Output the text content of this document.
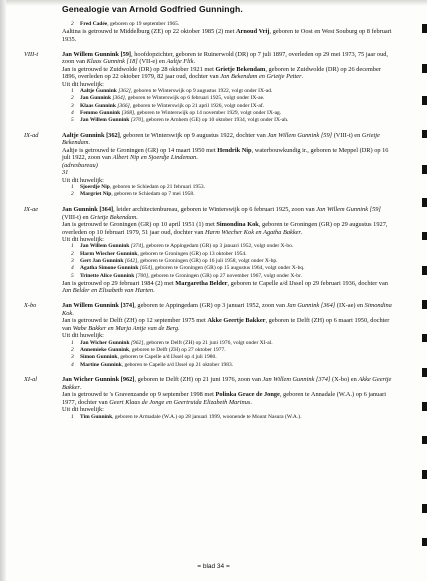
Genealogie van Arnold Godfried Gunningh.

2 Fred Cadée, geboren op 19 september 1965.

Aaltina is getrouwd te Middelburg (ZE) op 22 oktober 1985 (2) met Arnoud Vrij, geboren te Oost en West Souburg op 8 februari 1935.

VIII-t	Jan Willem Gunnink [59], hoofdopzichter, geboren te Ruinerwold (DR) op 7 juli 1897, overleden op 29 mei 1973, 75 jaar oud, zoon van Klaas Gunnink [18] (VII-e) en Aaltje Flik.

Jan is getrouwd te Zuidwolde (DR) op 28 oktober 1921 met Grietje Bekendam, geboren te Zuidwolde (DR) op 26 december 1896, overleden op 22 oktober 1979, 82 jaar oud, dochter van Jan Bekendam en Grietje Petter.

Uit dit huwelijk:

1 Aaltje Gunnink [362], geboren te Winterswijk op 9 augustus 1922, volgt onder IX-ad.

2 Jan Gunnink [364], geboren te Winterswijk op 6 februari 1925, volgt onder IX-ae.

3 Klaas Gunnink [366], geboren te Winterswijk op 21 april 1926, volgt onder IX-af.

4 Femmo Gunnink [368], geboren te Winterswijk op 14 november 1929, volgt onder IX-ag.

5 Jan Willem Gunnink [370], geboren te Arnhem (GE) op 10 oktober 1934, volgt onder IX-ah.

IX-ad	Aaltje Gunnink [362], geboren te Winterswijk op 9 augustus 1922, dochter van Jan Willem Gunnink [59] (VIII-t) en Grietje Bekendam.

Aaltje is getrouwd te Groningen (GR) op 14 maart 1950 met Hendrik Nip, waterbouwkundig ir., geboren te Meppel (DR) op 16 juli 1922, zoon van Albert Nip en Sjoerdje Lindeman.

(adresbureau)

31

Uit dit huwelijk:

1 Sjoerdje Nip, geboren te Schiedam op 21 februari 1953.

2 Margriet Nip, geboren te Schiedam op 7 mei 1958.

IX-ae	Jan Gunnink [364], leider architectenbureau, geboren te Winterswijk op 6 februari 1925, zoon van Jan Willem Gunnink [59] (VIII-t) en Grietje Bekendam.

Jan is getrouwd te Groningen (GR) op 10 april 1951 (1) met Simondina Kok, geboren te Groningen (GR) op 29 augustus 1927, overleden op 10 februari 1979, 51 jaar oud, dochter van Harm Wiecher Kok en Agatha Bakker.

Uit dit huwelijk:

1 Jan Willem Gunnink [374], geboren te Appingedam (GR) op 3 januari 1952, volgt onder X-bo.

2 Harm Wiecher Gunnink, geboren te Groningen (GR) op 13 oktober 1954.

3 Gert Jan Gunnink [642], geboren te Groningen (GR) op 16 juli 1958, volgt onder X-bp.

4 Agatha Simone Gunnink [654], geboren te Groningen (GR) op 15 augustus 1964, volgt onder X-bq.

5 Trinette Alice Gunnink [700], geboren te Groningen (GR) op 27 november 1967, volgt onder X-br.

Jan is getrouwd op 29 februari 1984 (2) met Margaretha Belder, geboren te Capelle a/d IJssel op 29 februari 1936, dochter van Jan Belder en Elisabeth van Harten.

X-bo	Jan Willem Gunnink [374], geboren te Appingedam (GR) op 3 januari 1952, zoon van Jan Gunnink [364] (IX-ae) en Simondina Kok.

Jan is getrouwd te Delft (ZH) op 12 september 1975 met Akke Geertje Bakker, geboren te Delft (ZH) op 6 maart 1950, dochter van Wabe Bakker en Marja Antje van de Berg.

Uit dit huwelijk:

1 Jan Wicher Gunnink [962], geboren te Delft (ZH) op 21 juni 1976, volgt onder XI-al.

2 Annemieke Gunnink, geboren te Delft (ZH) op 27 oktober 1977.

3 Simon Gunnink, geboren te Capelle a/d IJssel op 4 juli 1980.

4 Martine Gunnink, geboren te Capelle a/d IJssel op 21 oktober 1983.

XI-al	Jan Wicher Gunnink [962], geboren te Delft (ZH) op 21 juni 1976, zoon van Jan Willem Gunnink [374] (X-bo) en Akke Geertje Bakker.

Jan is getrouwd te 's Gravenzande op 9 september 1998 met Polinka Grace de Jonge, geboren te Annadale (W.A.) op 6 januari 1977, dochter van Geert Klaas de Jonge en Geertruida Elizabeth Marinus.

Uit dit huwelijk:

1 Tim Gunnink, geboren te Armadale (W.A.) op 28 januari 1999, woonende te Mount Nasura (W.A.).

= blad 34 =
